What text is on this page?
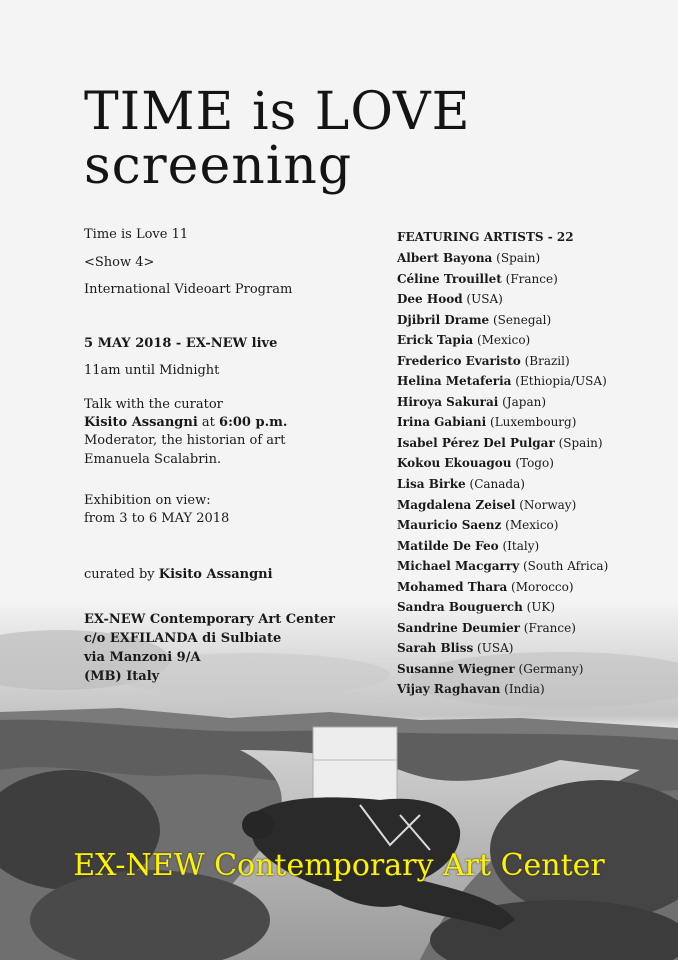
TIME is LOVE
screening
Time is Love 11
<Show 4>
International Videoart Program
5 MAY 2018 - EX-NEW live
11am until Midnight
Talk with the curator
Kisito Assangni at 6:00 p.m.
Moderator, the historian of art
Emanuela Scalabrin.
Exhibition on view:
from 3 to 6 MAY 2018
curated by Kisito Assangni
EX-NEW Contemporary Art Center
c/o EXFILANDA di Sulbiate
via Manzoni 9/A
(MB) Italy
FEATURING ARTISTS - 22
Albert Bayona (Spain)
Céline Trouillet (France)
Dee Hood (USA)
Djibril Drame (Senegal)
Erick Tapia (Mexico)
Frederico Evaristo (Brazil)
Helina Metaferia (Ethiopia/USA)
Hiroya Sakurai (Japan)
Irina Gabiani (Luxembourg)
Isabel Pérez Del Pulgar (Spain)
Kokou Ekouagou (Togo)
Lisa Birke (Canada)
Magdalena Zeisel (Norway)
Mauricio Saenz (Mexico)
Matilde De Feo (Italy)
Michael Macgarry (South Africa)
Mohamed Thara (Morocco)
Sandra Bouguerch (UK)
Sandrine Deumier (France)
Sarah Bliss (USA)
Susanne Wiegner (Germany)
Vijay Raghavan (India)
EX-NEW Contemporary Art Center
